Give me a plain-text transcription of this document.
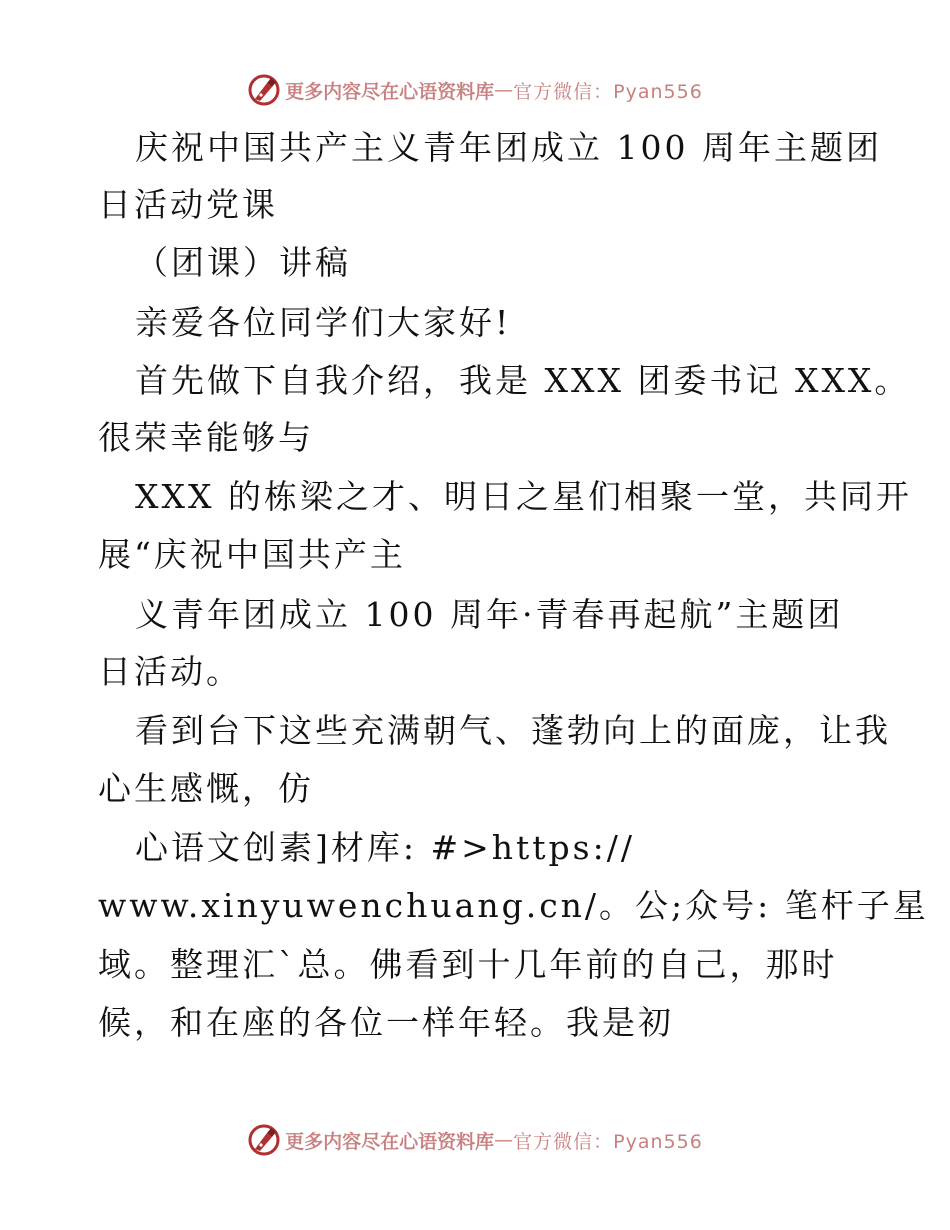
更多内容尽在心语资料库 — 官方微信：Pyan556
庆祝中国共产主义青年团成立 100 周年主题团
日活动党课
（团课）讲稿
亲爱各位同学们大家好!
首先做下自我介绍，我是 XXX 团委书记 XXX。
很荣幸能够与
XXX 的栋梁之才、明日之星们相聚一堂，共同开
展“庆祝中国共产主
义青年团成立 100 周年·青春再起航”主题团
日活动。
看到台下这些充满朝气、蓬勃向上的面庞，让我
心生感慨，仿
心语文创素]材库: #>https://
www.xinyuwenchuang.cn/。公;众号: 笔杆子星
域。整理汇`总。佛看到十几年前的自己，那时
候，和在座的各位一样年轻。我是初
更多内容尽在心语资料库 — 官方微信：Pyan556
